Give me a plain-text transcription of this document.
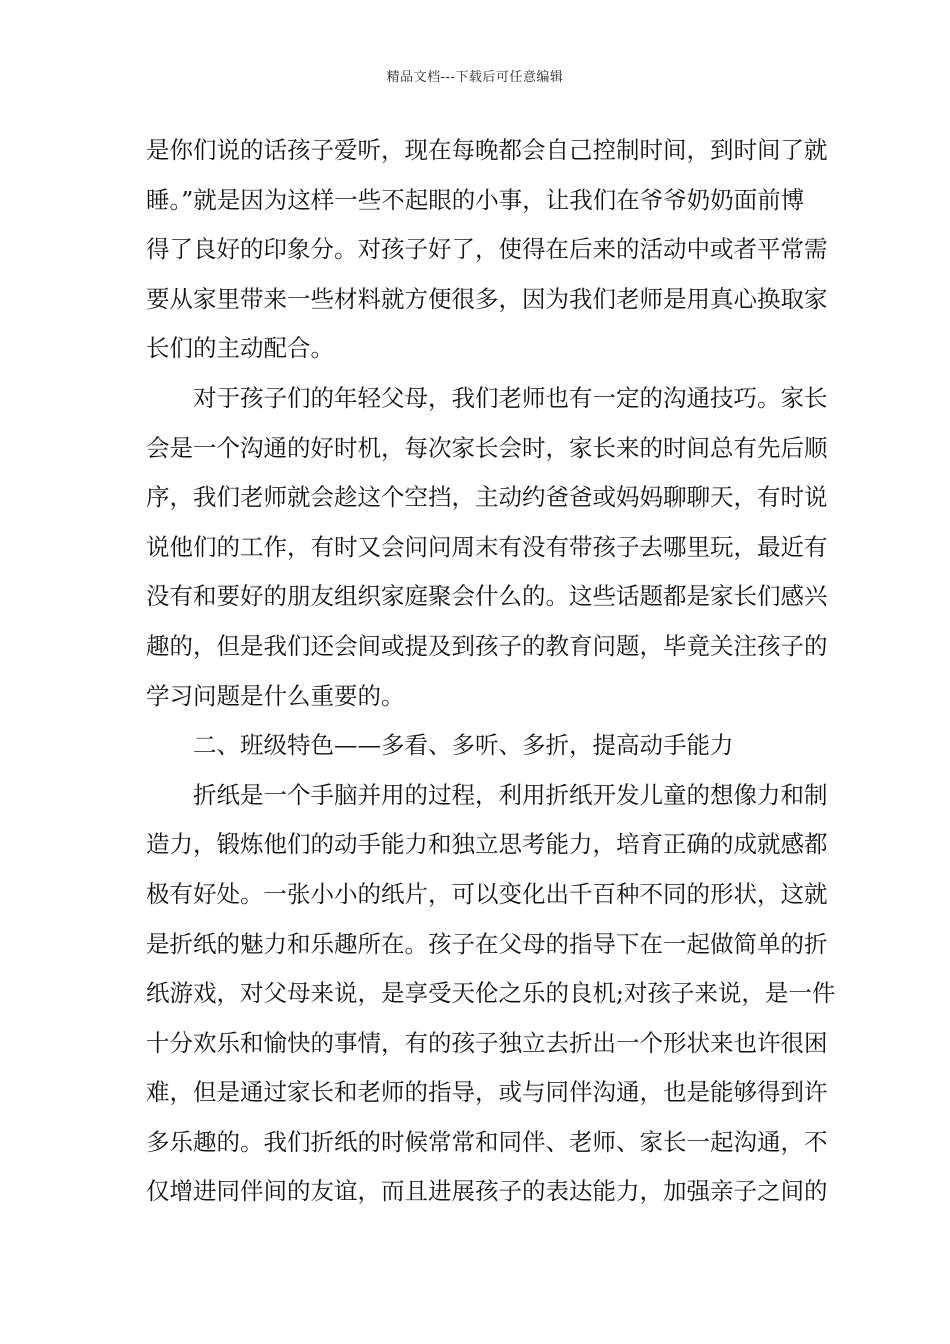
精品文档---下载后可任意编辑
是你们说的话孩子爱听，现在每晚都会自己控制时间，到时间了就
睡。”就是因为这样一些不起眼的小事，让我们在爷爷奶奶面前博
得了良好的印象分。对孩子好了，使得在后来的活动中或者平常需
要从家里带来一些材料就方便很多，因为我们老师是用真心换取家
长们的主动配合。
　　对于孩子们的年轻父母，我们老师也有一定的沟通技巧。家长
会是一个沟通的好时机，每次家长会时，家长来的时间总有先后顺
序，我们老师就会趁这个空挡，主动约爸爸或妈妈聊聊天，有时说
说他们的工作，有时又会问问周末有没有带孩子去哪里玩，最近有
没有和要好的朋友组织家庭聚会什么的。这些话题都是家长们感兴
趣的，但是我们还会间或提及到孩子的教育问题，毕竟关注孩子的
学习问题是什么重要的。
　　二、班级特色——多看、多听、多折，提高动手能力
　　折纸是一个手脑并用的过程，利用折纸开发儿童的想像力和制
造力，锻炼他们的动手能力和独立思考能力，培育正确的成就感都
极有好处。一张小小的纸片，可以变化出千百种不同的形状，这就
是折纸的魅力和乐趣所在。孩子在父母的指导下在一起做简单的折
纸游戏，对父母来说，是享受天伦之乐的良机;对孩子来说，是一件
十分欢乐和愉快的事情，有的孩子独立去折出一个形状来也许很困
难，但是通过家长和老师的指导，或与同伴沟通，也是能够得到许
多乐趣的。我们折纸的时候常常和同伴、老师、家长一起沟通，不
仅增进同伴间的友谊，而且进展孩子的表达能力，加强亲子之间的
